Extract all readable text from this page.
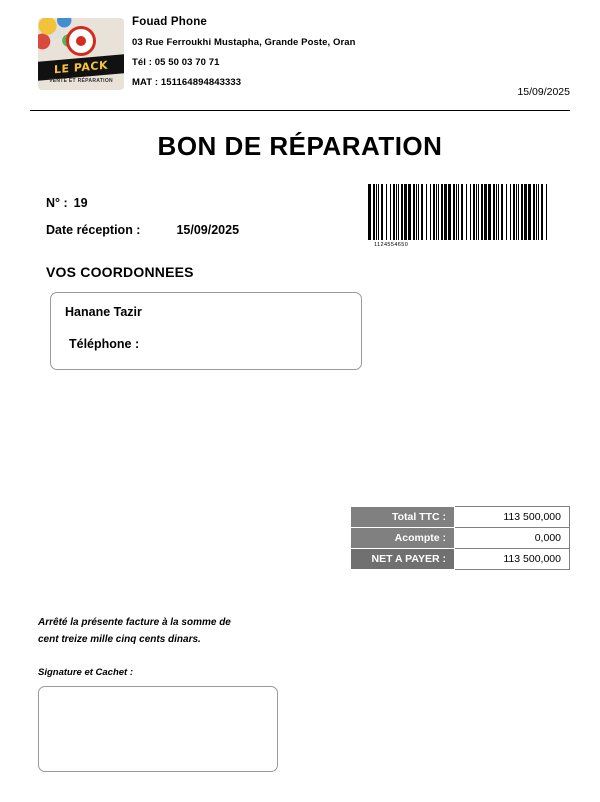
LE PACK
VENTE ET RÉPARATION
Fouad Phone
03 Rue Ferroukhi Mustapha, Grande Poste, Oran
Tél : 05 50 03 70 71
MAT : 151164894843333
15/09/2025
BON DE RÉPARATION
N° :19
Date réception :	15/09/2025
1124554650
VOS COORDONNEES
Hanane Tazir
Téléphone :
Total TTC :	113 500,000
Acompte :	0,000
NET A PAYER :	113 500,000
Arrêté la présente facture à la somme de
cent treize mille cinq cents dinars.
Signature et Cachet :
